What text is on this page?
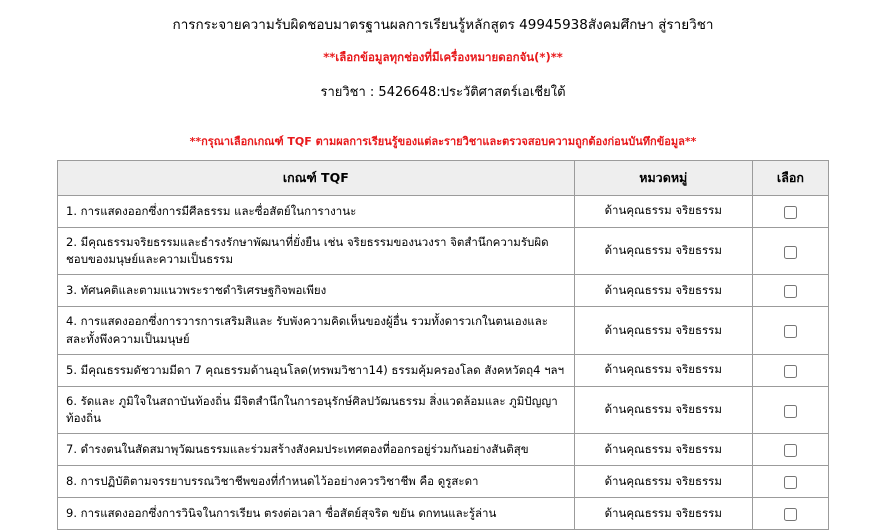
การกระจายความรับผิดชอบมาตรฐานผลการเรียนรู้หลักสูตร 49945938สังคมศึกษา สู่รายวิชา
**เลือกข้อมูลทุกช่องที่มีเครื่องหมายดอกจัน(*)**
รายวิชา : 5426648:ประวัติศาสตร์เอเชียใต้
**กรุณาเลือกเกณฑ์ TQF ตามผลการเรียนรู้ของแต่ละรายวิชาและตรวจสอบความถูกต้องก่อนบันทึกข้อมูล**
เกณฑ์ TQF	หมวดหมู่	เลือก
1. การแสดงออกซึ่งการมีศีลธรรม และซื่อสัตย์ในการางานะ	ด้านคุณธรรม จริยธรรม	
2. มีคุณธรรมจริยธรรมและธำรงรักษาพัฒนาที่ยั่งยืน เช่น จริยธรรมของนวงรา จิตสำนึกความรับผิดชอบของมนุษย์และความเป็นธรรม	ด้านคุณธรรม จริยธรรม	
3. ทัศนคติและตามแนวพระราชดำริเศรษฐกิจพอเพียง	ด้านคุณธรรม จริยธรรม	
4. การแสดงออกซึ่งการวารการเสริมสิและ รับพังความคิดเห็นของผู้อื่น รวมทั้งดารวเกในตนเองและสละทั้งพึงความเป็นมนุษย์	ด้านคุณธรรม จริยธรรม	
5. มีคุณธรรมดัชวามมีดา 7 คุณธรรมด้านอุนโลด(ทรพมวิชาา14) ธรรมคุ้มครองโลด สังคหวัตถุ4 ฯลฯ	ด้านคุณธรรม จริยธรรม	
6. รัดและ ภูมิใจในสถาบันท้องถิ่น มีจิตสำนึกในการอนุรักษ์ศิลปวัฒนธรรม สิ่งแวดล้อมและ ภูมิปัญญาท้องถิ่น	ด้านคุณธรรม จริยธรรม	
7. ดำรงตนในสัดสมาพุวัฒนธรรมและร่วมสร้างสังคมประเทศตองที่ออกรอยู่ร่วมกันอย่างสันติสุข	ด้านคุณธรรม จริยธรรม	
8. การปฏิบัติตามจรรยาบรรณวิชาชีพของที่กำหนดไว้ออย่างควรวิชาชีพ คือ ดูรูสะดา	ด้านคุณธรรม จริยธรรม	
9. การแสดงออกซึ่งการวินิจในการเรียน ตรงต่อเวลา ซื่อสัตย์สุจริต ขยัน ดกทนและรู้ล่าน	ด้านคุณธรรม จริยธรรม	
